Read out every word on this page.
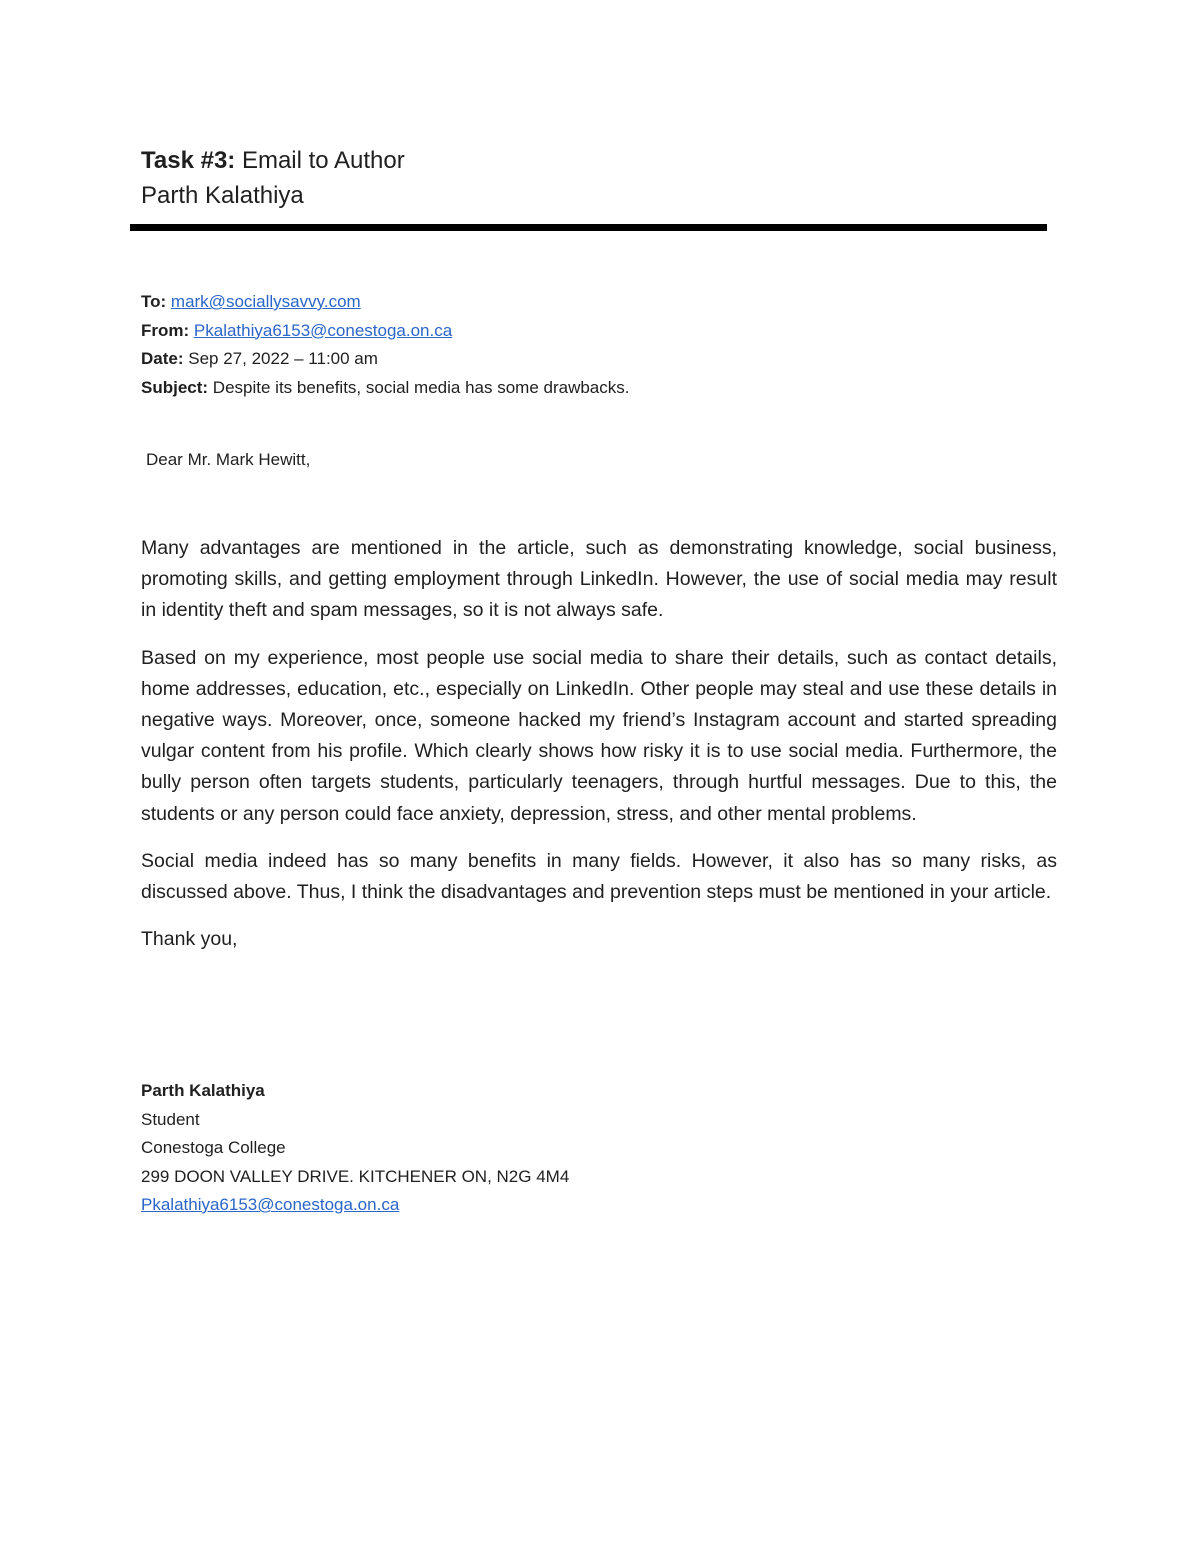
Task #3: Email to Author
Parth Kalathiya
To: mark@sociallysavvy.com
From: Pkalathiya6153@conestoga.on.ca
Date: Sep 27, 2022 – 11:00 am
Subject: Despite its benefits, social media has some drawbacks.
Dear Mr. Mark Hewitt,

Many advantages are mentioned in the article, such as demonstrating knowledge, social business, promoting skills, and getting employment through LinkedIn. However, the use of social media may result in identity theft and spam messages, so it is not always safe.

Based on my experience, most people use social media to share their details, such as contact details, home addresses, education, etc., especially on LinkedIn. Other people may steal and use these details in negative ways. Moreover, once, someone hacked my friend’s Instagram account and started spreading vulgar content from his profile. Which clearly shows how risky it is to use social media. Furthermore, the bully person often targets students, particularly teenagers, through hurtful messages. Due to this, the students or any person could face anxiety, depression, stress, and other mental problems.

Social media indeed has so many benefits in many fields. However, it also has so many risks, as discussed above. Thus, I think the disadvantages and prevention steps must be mentioned in your article.

Thank you,
Parth Kalathiya
Student
Conestoga College
299 DOON VALLEY DRIVE. KITCHENER ON, N2G 4M4
Pkalathiya6153@conestoga.on.ca
